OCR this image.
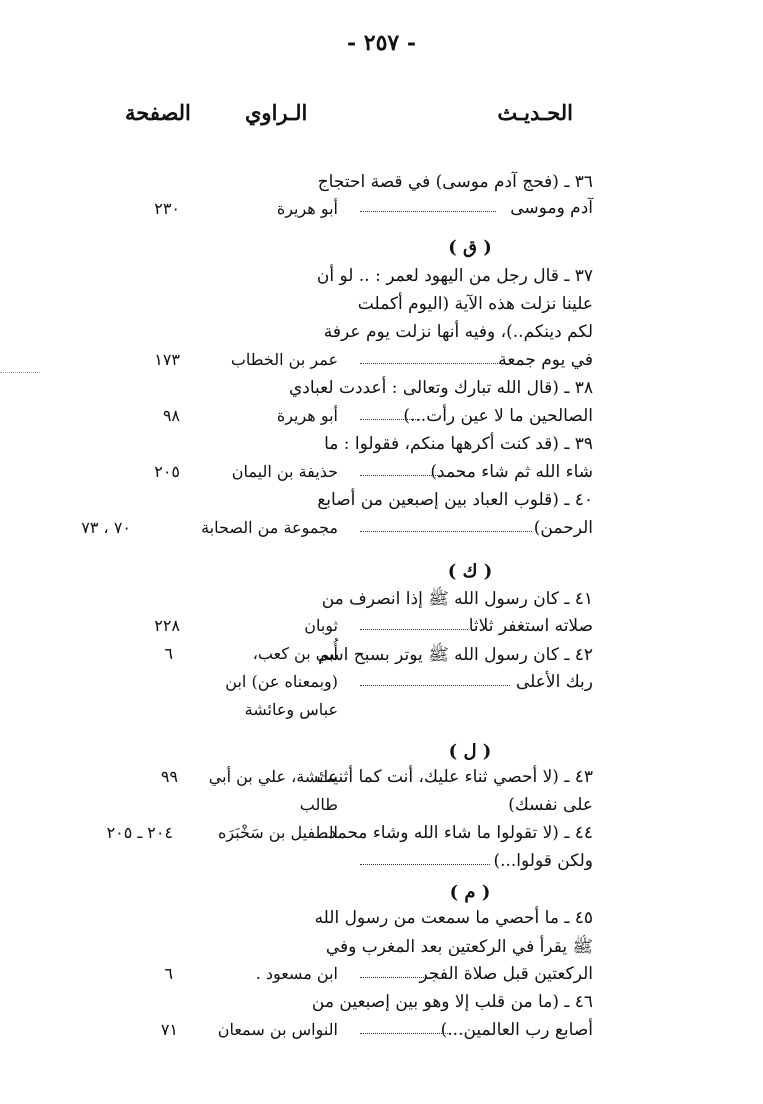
- ٢٥٧ -
الحـديـث
الـراوي
الصفحة
٣٦ ـ (فحج آدم موسى) في قصة احتجاج
آدم وموسى
أبو هريرة
٢٣٠
( ق )
٣٧ ـ قال رجل من اليهود لعمر : .. لو أن
علينا نزلت هذه الآية (اليوم أكملت
لكم دينكم..)، وفيه أنها نزلت يوم عرفة
في يوم جمعة
عمر بن الخطاب
١٧٣
٣٨ ـ (قال الله تبارك وتعالى : أعددت لعبادي
الصالحين ما لا عين رأت...)
أبو هريرة
٩٨
٣٩ ـ (قد كنت أكرهها منكم، فقولوا : ما
شاء الله ثم شاء محمد)
حذيفة بن اليمان
٢٠٥
٤٠ ـ (قلوب العباد بين إصبعين من أصابع
الرحمن)
مجموعة من الصحابة
٧٠ ، ٧٣
( ك )
٤١ ـ كان رسول الله ﷺ إذا انصرف من
صلاته استغفر ثلاثا
ثوبان
٢٢٨
٤٢ ـ كان رسول الله ﷺ يوتر بسبح اسم
ربك الأعلى
أُبي بن كعب،
٦
(وبمعناه عن) ابن
عباس وعائشة
( ل )
٤٣ ـ (لا أحصي ثناء عليك، أنت كما أثنيت
على نفسك)
عائشة، علي بن أبي
٩٩
طالب
٤٤ ـ (لا تقولوا ما شاء الله وشاء محمد،
ولكن قولوا...)
الطفيل بن سَخْبَرَه
٢٠٤ ـ ٢٠٥
( م )
٤٥ ـ ما أحصي ما سمعت من رسول الله
ﷺ يقرأ في الركعتين بعد المغرب وفي
الركعتين قبل صلاة الفجر
ابن مسعود .
٦
٤٦ ـ (ما من قلب إلا وهو بين إصبعين من
أصابع رب العالمين...)
النواس بن سمعان
٧١
